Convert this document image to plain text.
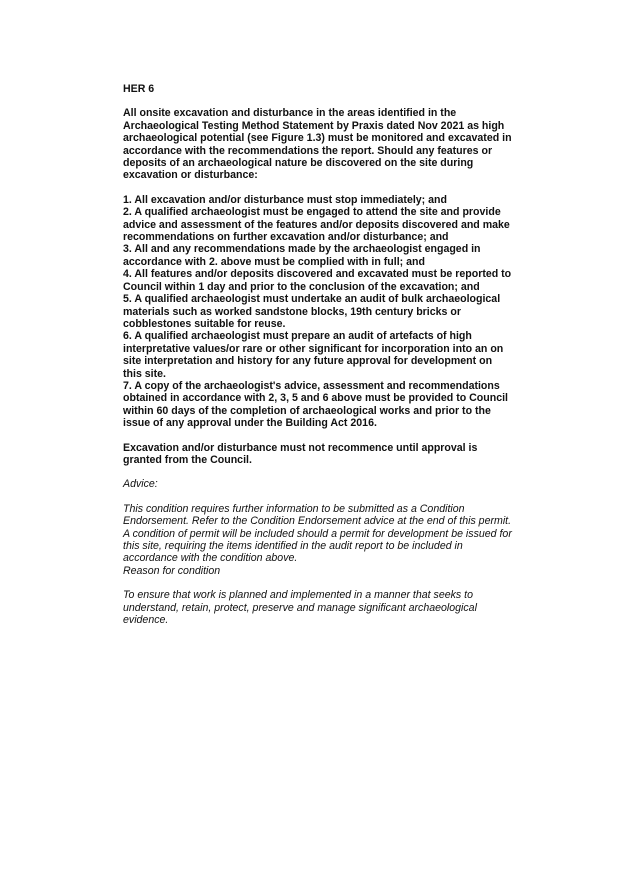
HER 6

All onsite excavation and disturbance in the areas identified in the Archaeological Testing Method Statement by Praxis dated Nov 2021 as high archaeological potential (see Figure 1.3) must be monitored and excavated in accordance with the recommendations the report. Should any features or deposits of an archaeological nature be discovered on the site during excavation or disturbance:

1. All excavation and/or disturbance must stop immediately; and
2. A qualified archaeologist must be engaged to attend the site and provide advice and assessment of the features and/or deposits discovered and make recommendations on further excavation and/or disturbance; and
3. All and any recommendations made by the archaeologist engaged in accordance with 2. above must be complied with in full; and
4. All features and/or deposits discovered and excavated must be reported to Council within 1 day and prior to the conclusion of the excavation; and
5. A qualified archaeologist must undertake an audit of bulk archaeological materials such as worked sandstone blocks, 19th century bricks or cobblestones suitable for reuse.
6. A qualified archaeologist must prepare an audit of artefacts of high interpretative values/or rare or other significant for incorporation into an on site interpretation and history for any future approval for development on this site.
7. A copy of the archaeologist's advice, assessment and recommendations obtained in accordance with 2, 3, 5 and 6 above must be provided to Council within 60 days of the completion of archaeological works and prior to the issue of any approval under the Building Act 2016.

Excavation and/or disturbance must not recommence until approval is granted from the Council.

Advice:

This condition requires further information to be submitted as a Condition Endorsement. Refer to the Condition Endorsement advice at the end of this permit. A condition of permit will be included should a permit for development be issued for this site, requiring the items identified in the audit report to be included in accordance with the condition above.

Reason for condition

To ensure that work is planned and implemented in a manner that seeks to understand, retain, protect, preserve and manage significant archaeological evidence.
